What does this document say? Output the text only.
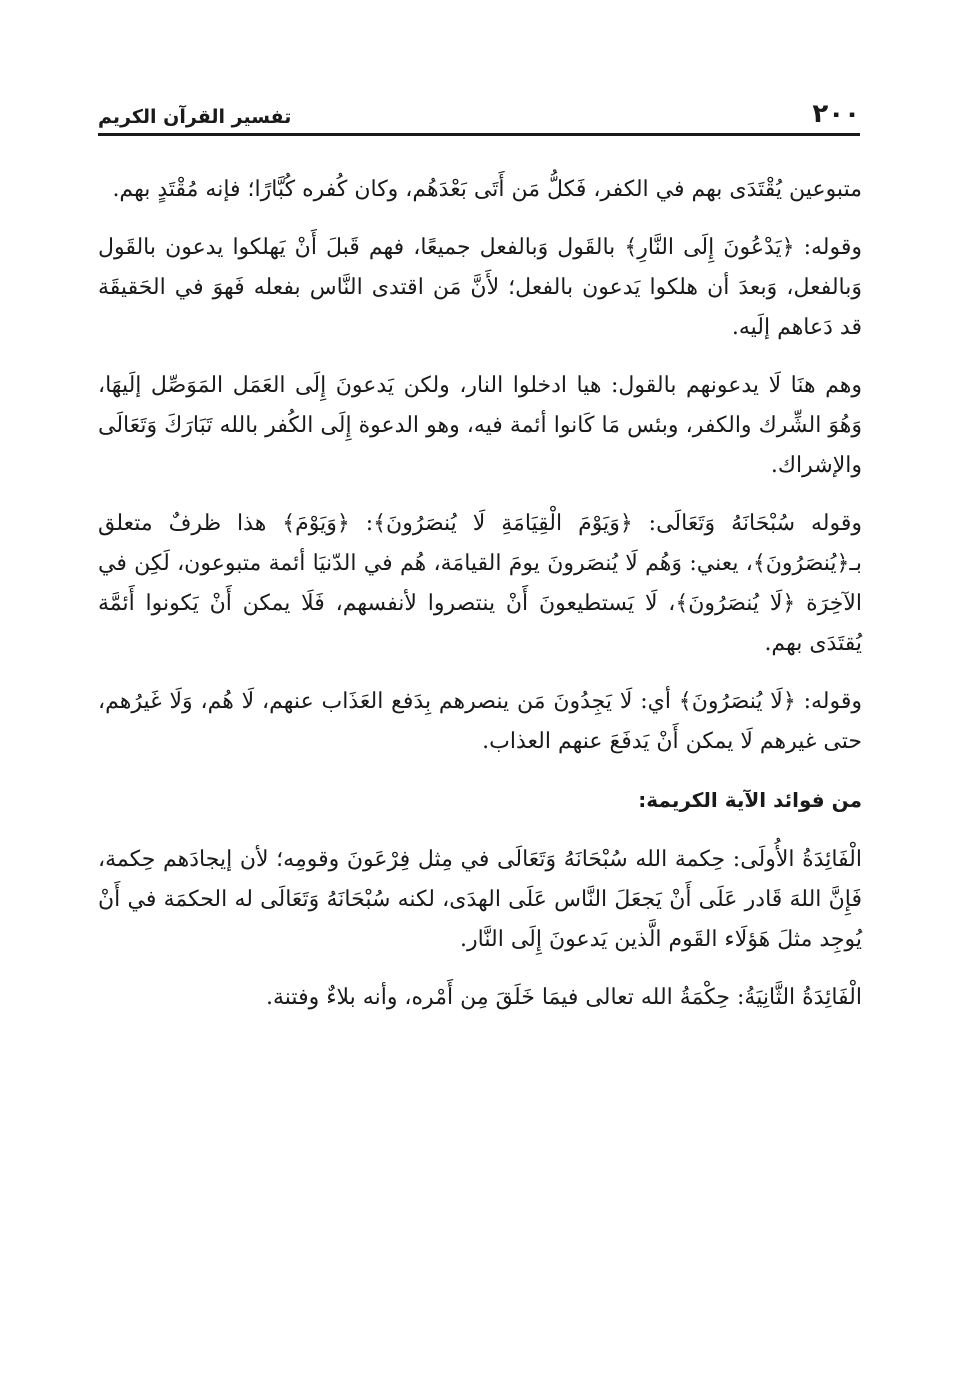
٢٠٠
تفسير القرآن الكريم

متبوعين يُقْتَدَى بهم في الكفر، فَكلُّ مَن أَتَى بَعْدَهُم، وكان كُفره كُبَّارًا؛ فإنه مُقْتَدٍ بهم.

وقوله: ﴿يَدْعُونَ إِلَى النَّارِ﴾ بالقَول وَبالفعل جميعًا، فهم قَبلَ أَنْ يَهلكوا يدعون بالقَول وَبالفعل، وَبعدَ أن هلكوا يَدعون بالفعل؛ لأَنَّ مَن اقتدى النَّاس بفعله فَهوَ في الحَقيقَة قد دَعاهم إلَيه.

وهم هنَا لَا يدعونهم بالقول: هيا ادخلوا النار، ولكن يَدعونَ إِلَى العَمَل المَوَصِّل إلَيهَا، وَهُوَ الشِّرك والكفر، وبئس مَا كَانوا أئمة فيه، وهو الدعوة إِلَى الكُفر بالله تَبَارَكَ وَتَعَالَى والإشراك.

وقوله سُبْحَانَهُ وَتَعَالَى: ﴿وَيَوْمَ الْقِيَامَةِ لَا يُنصَرُونَ﴾: ﴿وَيَوْمَ﴾ هذا ظرفٌ متعلق بـ﴿يُنصَرُونَ﴾، يعني: وَهُم لَا يُنصَرونَ يومَ القيامَة، هُم في الدّنيَا أئمة متبوعون، لَكِن في الآخِرَة ﴿لَا يُنصَرُونَ﴾، لَا يَستطيعونَ أَنْ ينتصروا لأنفسهم، فَلَا يمكن أَنْ يَكونوا أَئمَّة يُقتَدَى بهم.

وقوله: ﴿لَا يُنصَرُونَ﴾ أي: لَا يَجِدُونَ مَن ينصرهم بِدَفع العَذَاب عنهم، لَا هُم، وَلَا غَيرُهم، حتى غيرهم لَا يمكن أَنْ يَدفَعَ عنهم العذاب.

من فوائد الآية الكريمة:

الْفَائِدَةُ الأُولَى: حِكمة الله سُبْحَانَهُ وَتَعَالَى في مِثل فِرْعَونَ وقومِه؛ لأن إيجادَهم حِكمة، فَإِنَّ اللهَ قَادر عَلَى أَنْ يَجعَلَ النَّاس عَلَى الهدَى، لكنه سُبْحَانَهُ وَتَعَالَى له الحكمَة في أَنْ يُوجِد مثلَ هَؤلَاء القَوم الَّذين يَدعونَ إِلَى النَّار.

الْفَائِدَةُ الثَّانِيَةُ: حِكْمَةُ الله تعالى فيمَا خَلَقَ مِن أَمْره، وأنه بلاءٌ وفتنة.
